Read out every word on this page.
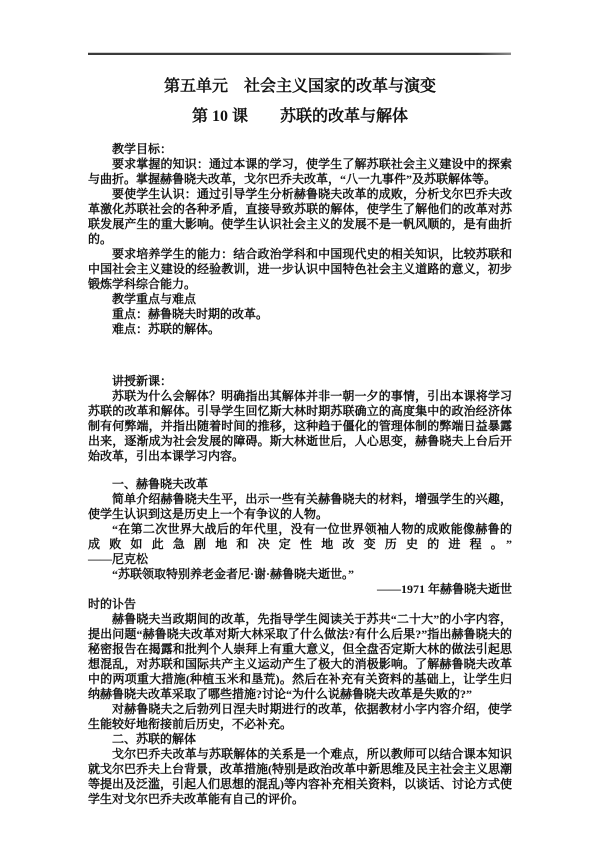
第五单元　社会主义国家的改革与演变
第 10 课　　苏联的改革与解体
教学目标：
要求掌握的知识：通过本课的学习，使学生了解苏联社会主义建设中的探索与曲折。掌握赫鲁晓夫改革，戈尔巴乔夫改革，“八一九事件”及苏联解体等。
要使学生认识：通过引导学生分析赫鲁晓夫改革的成败，分析戈尔巴乔夫改革激化苏联社会的各种矛盾，直接导致苏联的解体，使学生了解他们的改革对苏联发展产生的重大影响。使学生认识社会主义的发展不是一帆风顺的，是有曲折的。
要求培养学生的能力：结合政治学科和中国现代史的相关知识，比较苏联和中国社会主义建设的经验教训，进一步认识中国特色社会主义道路的意义，初步锻炼学科综合能力。
教学重点与难点
重点：赫鲁晓夫时期的改革。
难点：苏联的解体。
讲授新课：
苏联为什么会解体？明确指出其解体并非一朝一夕的事情，引出本课将学习苏联的改革和解体。引导学生回忆斯大林时期苏联确立的高度集中的政治经济体制有何弊端，并指出随着时间的推移，这种趋于僵化的管理体制的弊端日益暴露出来，逐渐成为社会发展的障碍。斯大林逝世后，人心思变，赫鲁晓夫上台后开始改革，引出本课学习内容。
一、赫鲁晓夫改革
简单介绍赫鲁晓夫生平，出示一些有关赫鲁晓夫的材料，增强学生的兴趣，使学生认识到这是历史上一个有争议的人物。
“在第二次世界大战后的年代里，没有一位世界领袖人物的成败能像赫鲁的成败如此急剧地和决定性地改变历史的进程。”
——尼克松
“苏联领取特别养老金者尼·谢·赫鲁晓夫逝世。”
——1971 年赫鲁晓夫逝世
时的讣告
赫鲁晓夫当政期间的改革，先指导学生阅读关于苏共“二十大”的小字内容，提出问题“赫鲁晓夫改革对斯大林采取了什么做法?有什么后果?”指出赫鲁晓夫的秘密报告在揭露和批判个人崇拜上有重大意义，但全盘否定斯大林的做法引起思想混乱，对苏联和国际共产主义运动产生了极大的消极影响。了解赫鲁晓夫改革中的两项重大措施(种植玉米和垦荒)。然后在补充有关资料的基础上，让学生归纳赫鲁晓夫改革采取了哪些措施?讨论“为什么说赫鲁晓夫改革是失败的?”
对赫鲁晓夫之后勃列日涅夫时期进行的改革，依据教材小字内容介绍，使学生能较好地衔接前后历史，不必补充。
二、苏联的解体
戈尔巴乔夫改革与苏联解体的关系是一个难点，所以教师可以结合课本知识就戈尔巴乔夫上台背景，改革措施(特别是政治改革中新思维及民主社会主义思潮等提出及泛滥，引起人们思想的混乱)等内容补充相关资料，以谈话、讨论方式使学生对戈尔巴乔夫改革能有自己的评价。
